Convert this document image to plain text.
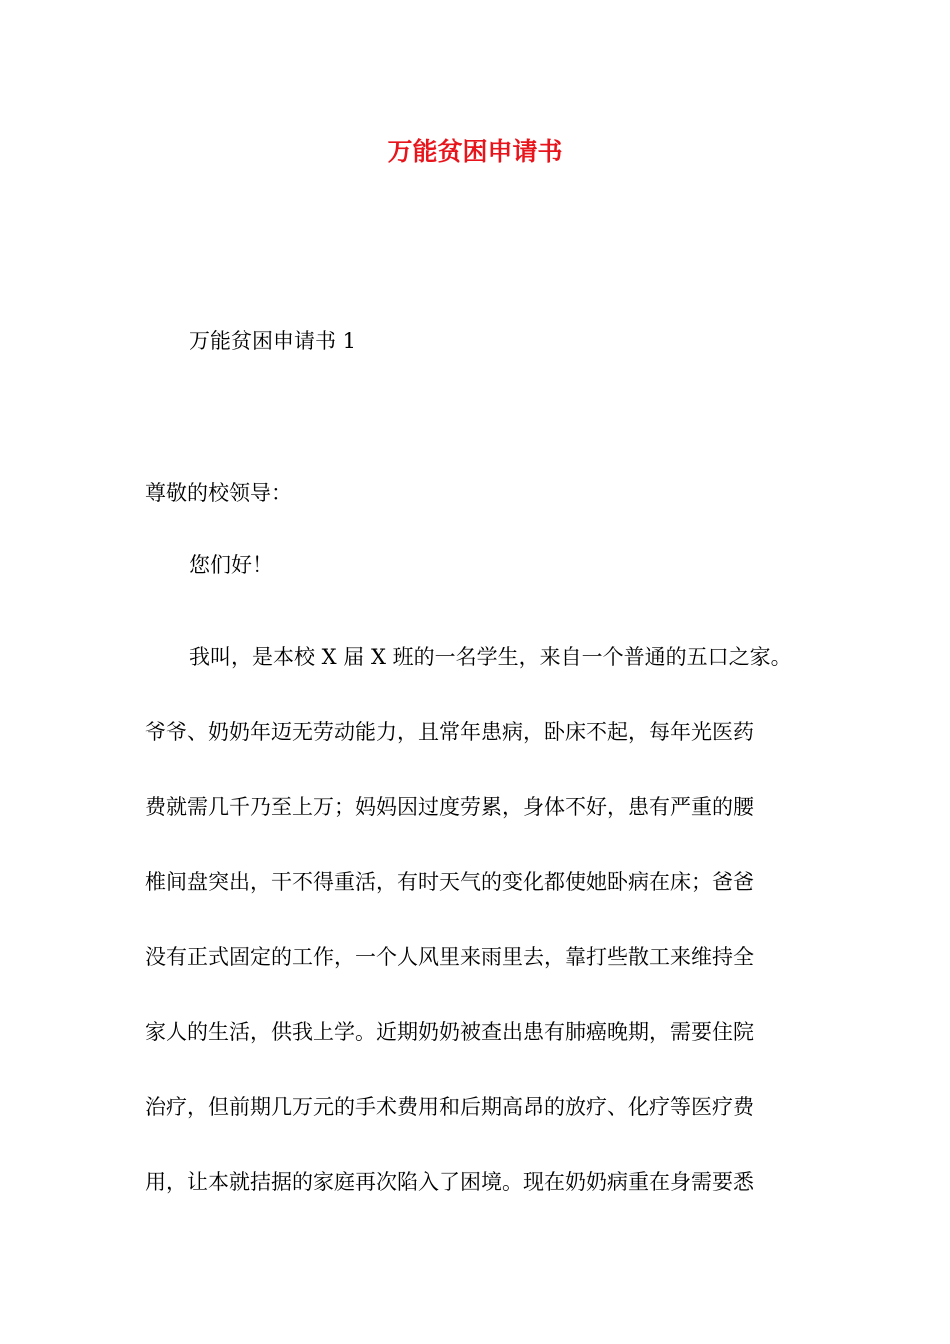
万能贫困申请书

万能贫困申请书 1

尊敬的校领导：

您们好！

我叫，是本校 X 届 X 班的一名学生，来自一个普通的五口之家。
爷爷、奶奶年迈无劳动能力，且常年患病，卧床不起，每年光医药
费就需几千乃至上万；妈妈因过度劳累，身体不好，患有严重的腰
椎间盘突出，干不得重活，有时天气的变化都使她卧病在床；爸爸
没有正式固定的工作，一个人风里来雨里去，靠打些散工来维持全
家人的生活，供我上学。近期奶奶被查出患有肺癌晚期，需要住院
治疗，但前期几万元的手术费用和后期高昂的放疗、化疗等医疗费
用，让本就拮据的家庭再次陷入了困境。现在奶奶病重在身需要悉
